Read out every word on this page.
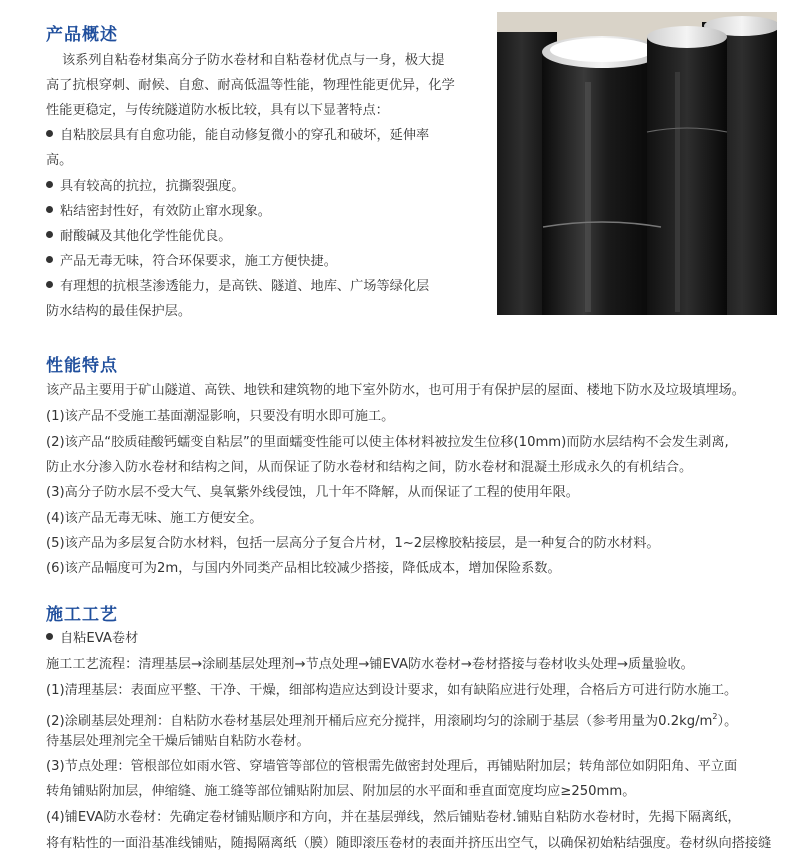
产品概述
该系列自粘卷材集高分子防水卷材和自粘卷材优点与一身，极大提
高了抗根穿刺、耐候、自愈、耐高低温等性能，物理性能更优异，化学
性能更稳定，与传统隧道防水板比较，具有以下显著特点：
自粘胶层具有自愈功能，能自动修复微小的穿孔和破坏，延伸率
高。
具有较高的抗拉，抗撕裂强度。
粘结密封性好，有效防止窜水现象。
耐酸碱及其他化学性能优良。
产品无毒无味，符合环保要求，施工方便快捷。
有理想的抗根茎渗透能力，是高铁、隧道、地库、广场等绿化层
防水结构的最佳保护层。
性能特点
该产品主要用于矿山隧道、高铁、地铁和建筑物的地下室外防水，也可用于有保护层的屋面、楼地下防水及垃圾填埋场。
(1)该产品不受施工基面潮湿影响，只要没有明水即可施工。
(2)该产品“胶质硅酸钙蠕变自粘层”的里面蠕变性能可以使主体材料被拉发生位移(10mm)而防水层结构不会发生剥离,
防止水分渗入防水卷材和结构之间，从而保证了防水卷材和结构之间，防水卷材和混凝土形成永久的有机结合。
(3)高分子防水层不受大气、臭氧紫外线侵蚀，几十年不降解，从而保证了工程的使用年限。
(4)该产品无毒无味、施工方便安全。
(5)该产品为多层复合防水材料，包括一层高分子复合片材，1~2层橡胶粘接层，是一种复合的防水材料。
(6)该产品幅度可为2m，与国内外同类产品相比较减少搭接，降低成本，增加保险系数。
施工工艺
自粘EVA卷材
施工工艺流程：清理基层→涂刷基层处理剂→节点处理→铺EVA防水卷材→卷材搭接与卷材收头处理→质量验收。
(1)清理基层：表面应平整、干净、干燥，细部构造应达到设计要求，如有缺陷应进行处理，合格后方可进行防水施工。
(2)涂刷基层处理剂：自粘防水卷材基层处理剂开桶后应充分搅拌，用滚刷均匀的涂刷于基层（参考用量为$0.2kg/m^2$）。
待基层处理剂完全干燥后铺贴自粘防水卷材。
(3)节点处理：管根部位如雨水管、穿墙管等部位的管根需先做密封处理后，再铺贴附加层；转角部位如阴阳角、平立面
转角铺贴附加层，伸缩缝、施工缝等部位铺贴附加层、附加层的水平面和垂直面宽度均应≥250mm。
(4)铺EVA防水卷材：先确定卷材铺贴顺序和方向，并在基层弹线，然后铺贴卷材.铺贴自粘防水卷材时，先揭下隔离纸，
将有粘性的一面沿基准线铺贴，随揭隔离纸（膜）随即滚压卷材的表面并挤压出空气，以确保初始粘结强度。卷材纵向搭接缝
